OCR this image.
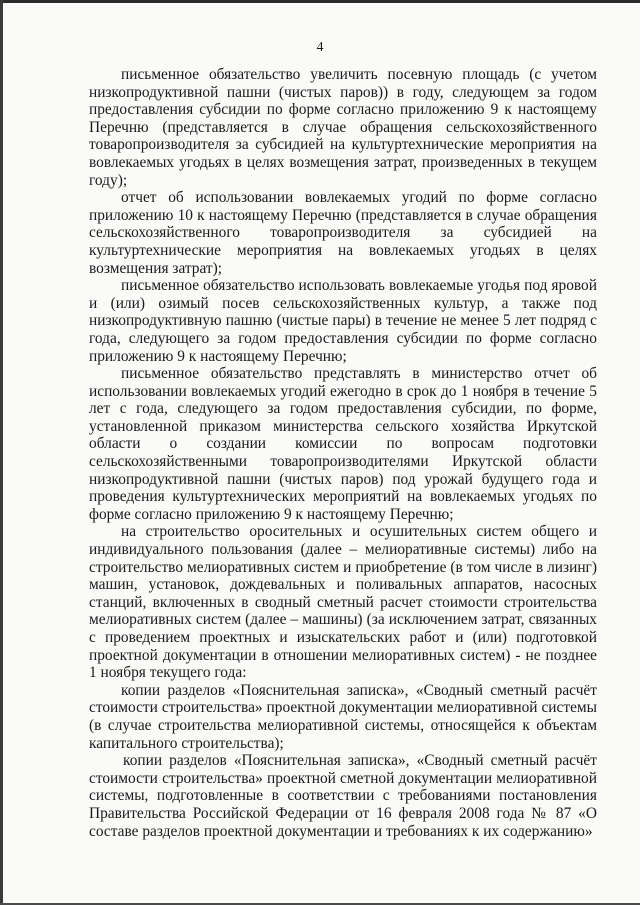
4

письменное обязательство увеличить посевную площадь (с учетом низкопродуктивной пашни (чистых паров)) в году, следующем за годом предоставления субсидии по форме согласно приложению 9 к настоящему Перечню (представляется в случае обращения сельскохозяйственного товаропроизводителя за субсидией на культуртехнические мероприятия на вовлекаемых угодьях в целях возмещения затрат, произведенных в текущем году);

отчет об использовании вовлекаемых угодий по форме согласно приложению 10 к настоящему Перечню (представляется в случае обращения сельскохозяйственного товаропроизводителя за субсидией на культуртехнические мероприятия на вовлекаемых угодьях в целях возмещения затрат);

письменное обязательство использовать вовлекаемые угодья под яровой и (или) озимый посев сельскохозяйственных культур, а также под низкопродуктивную пашню (чистые пары) в течение не менее 5 лет подряд с года, следующего за годом предоставления субсидии по форме согласно приложению 9 к настоящему Перечню;

письменное обязательство представлять в министерство отчет об использовании вовлекаемых угодий ежегодно в срок до 1 ноября в течение 5 лет с года, следующего за годом предоставления субсидии, по форме, установленной приказом министерства сельского хозяйства Иркутской области о создании комиссии по вопросам подготовки сельскохозяйственными товаропроизводителями Иркутской области низкопродуктивной пашни (чистых паров) под урожай будущего года и проведения культуртехнических мероприятий на вовлекаемых угодьях по форме согласно приложению 9 к настоящему Перечню;

на строительство оросительных и осушительных систем общего и индивидуального пользования (далее – мелиоративные системы) либо на строительство мелиоративных систем и приобретение (в том числе в лизинг) машин, установок, дождевальных и поливальных аппаратов, насосных станций, включенных в сводный сметный расчет стоимости строительства мелиоративных систем (далее – машины) (за исключением затрат, связанных с проведением проектных и изыскательских работ и (или) подготовкой проектной документации в отношении мелиоративных систем) - не позднее 1 ноября текущего года:

копии разделов «Пояснительная записка», «Сводный сметный расчёт стоимости строительства» проектной документации мелиоративной системы (в случае строительства мелиоративной системы, относящейся к объектам капитального строительства);

копии разделов «Пояснительная записка», «Сводный сметный расчёт стоимости строительства» проектной сметной документации мелиоративной системы, подготовленные в соответствии с требованиями постановления Правительства Российской Федерации от 16 февраля 2008 года № 87 «О составе разделов проектной документации и требованиях к их содержанию»
